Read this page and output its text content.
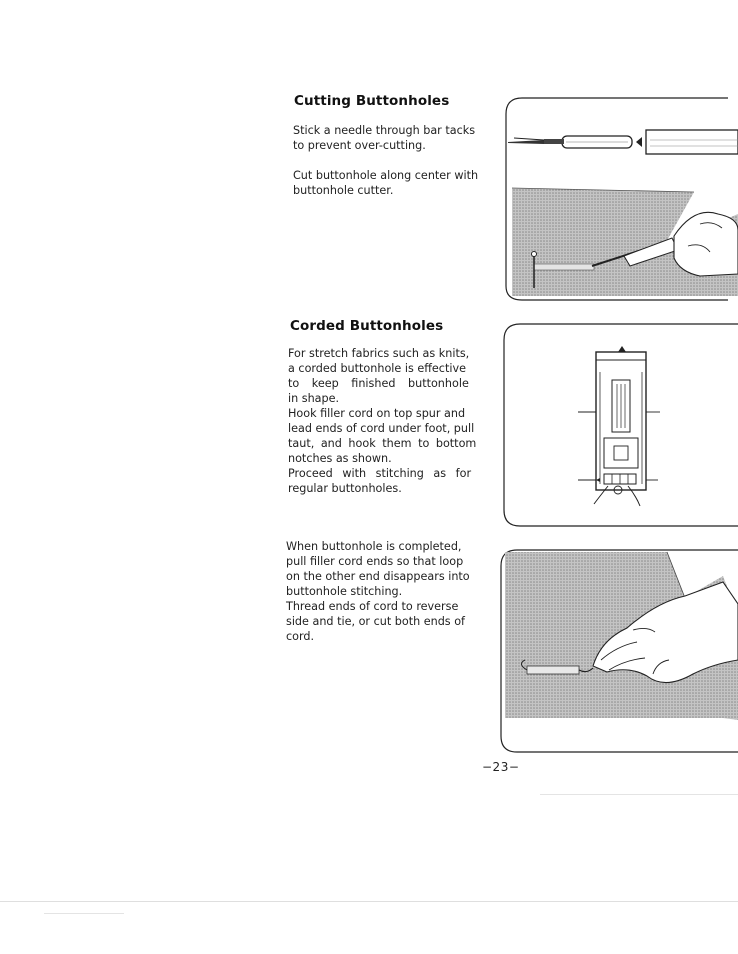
Cutting Buttonholes

Stick a needle through bar tacks

to prevent over-cutting.

Cut buttonhole along center with

buttonhole cutter.

Corded Buttonholes

For stretch fabrics such as knits,

a corded buttonhole is effective

to keep finished buttonhole

in shape.

Hook filler cord on top spur and

lead ends of cord under foot, pull

taut, and hook them to bottom

notches as shown.

Proceed with stitching as for

regular buttonholes.

When buttonhole is completed,

pull filler cord ends so that loop

on the other end disappears into

buttonhole stitching.

Thread ends of cord to reverse

side and tie, or cut both ends of

cord.

−23−
